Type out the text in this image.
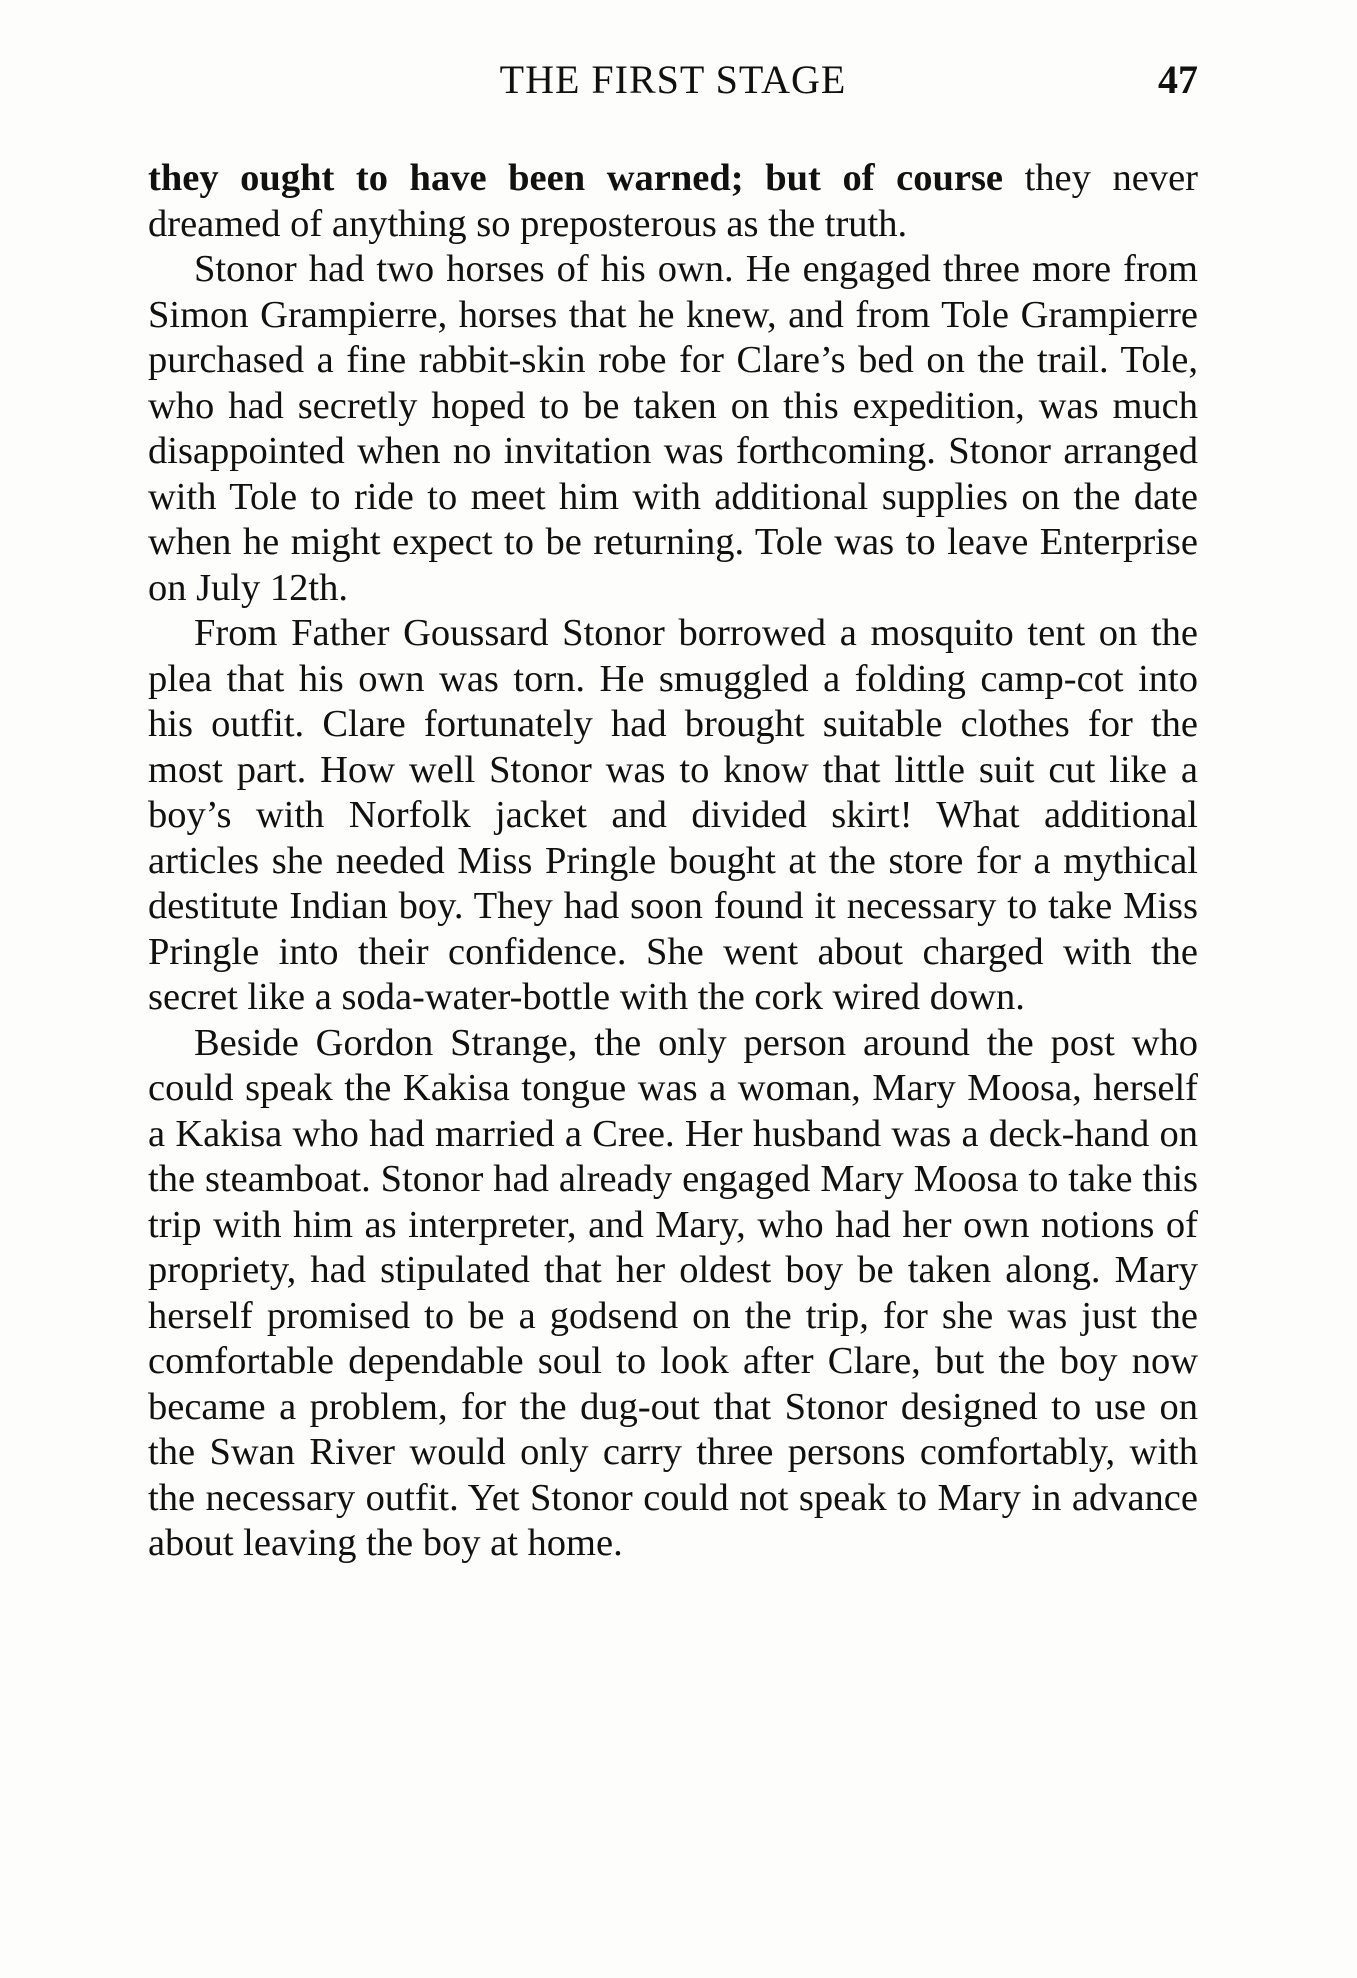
THE FIRST STAGE	47

they ought to have been warned; but of course they never dreamed of anything so preposterous as the truth.

Stonor had two horses of his own. He engaged three more from Simon Grampierre, horses that he knew, and from Tole Grampierre purchased a fine rabbit-skin robe for Clare’s bed on the trail. Tole, who had secretly hoped to be taken on this expedition, was much disappointed when no invitation was forthcoming. Stonor arranged with Tole to ride to meet him with additional supplies on the date when he might expect to be returning. Tole was to leave Enterprise on July 12th.

From Father Goussard Stonor borrowed a mosquito tent on the plea that his own was torn. He smuggled a folding camp-cot into his outfit. Clare fortunately had brought suitable clothes for the most part. How well Stonor was to know that little suit cut like a boy’s with Norfolk jacket and divided skirt! What additional articles she needed Miss Pringle bought at the store for a mythical destitute Indian boy. They had soon found it necessary to take Miss Pringle into their confidence. She went about charged with the secret like a soda-water-bottle with the cork wired down.

Beside Gordon Strange, the only person around the post who could speak the Kakisa tongue was a woman, Mary Moosa, herself a Kakisa who had married a Cree. Her husband was a deck-hand on the steamboat. Stonor had already engaged Mary Moosa to take this trip with him as interpreter, and Mary, who had her own notions of propriety, had stipulated that her oldest boy be taken along. Mary herself promised to be a godsend on the trip, for she was just the comfortable dependable soul to look after Clare, but the boy now became a problem, for the dug-out that Stonor designed to use on the Swan River would only carry three persons comfortably, with the necessary outfit. Yet Stonor could not speak to Mary in advance about leaving the boy at home.
